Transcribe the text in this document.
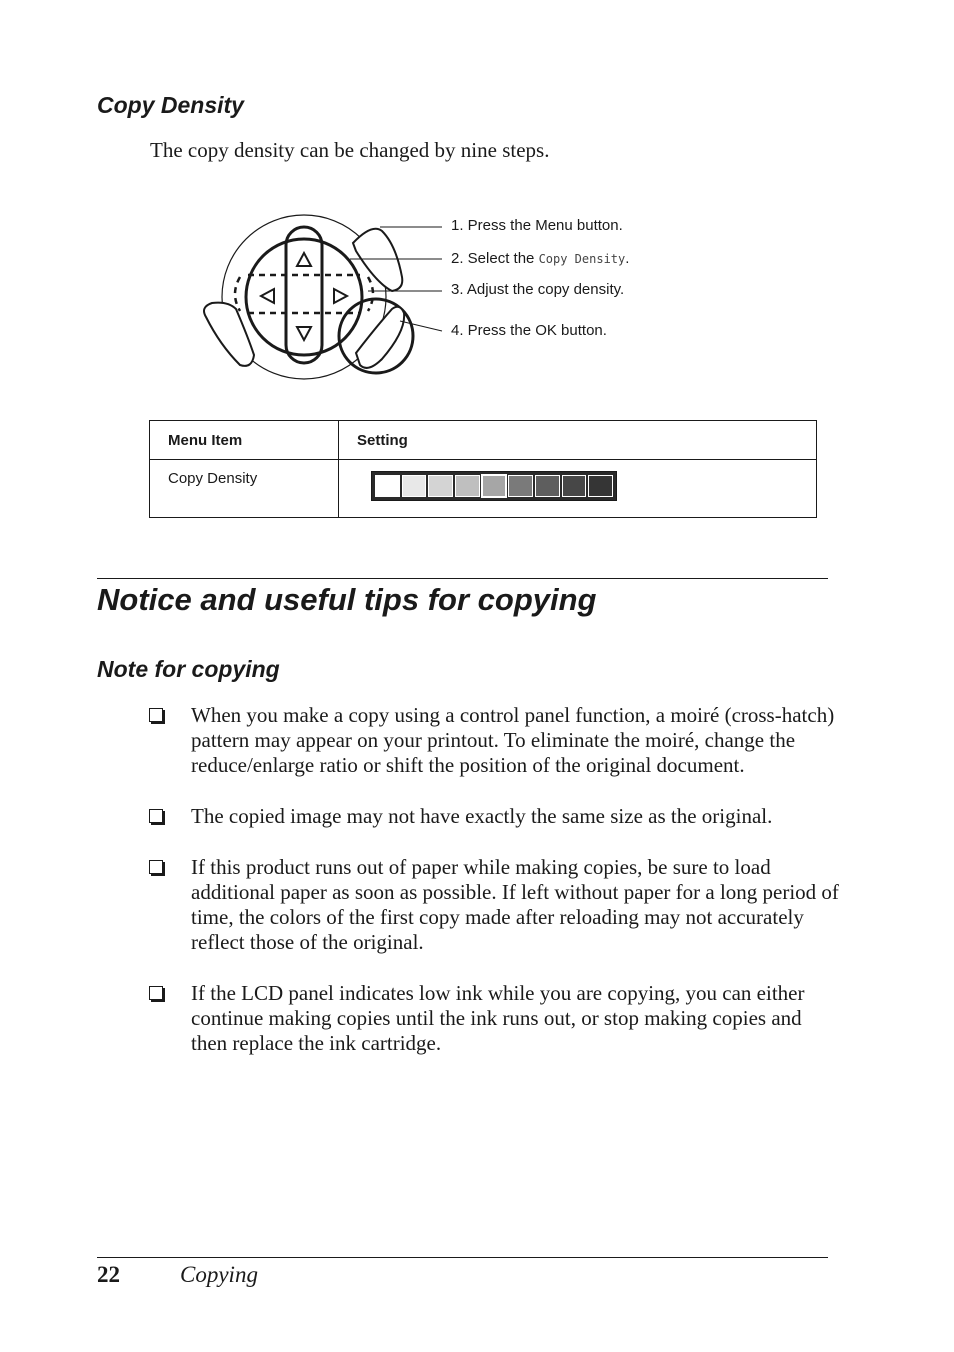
Copy Density
The copy density can be changed by nine steps.
1. Press the Menu button.
2. Select the Copy Density.
3. Adjust the copy density.
4. Press the OK button.
Menu Item	Setting
Copy Density	
Notice and useful tips for copying
Note for copying
When you make a copy using a control panel function, a moiré (cross-hatch) pattern may appear on your printout. To eliminate the moiré, change the reduce/enlarge ratio or shift the position of the original document.
The copied image may not have exactly the same size as the original.
If this product runs out of paper while making copies, be sure to load additional paper as soon as possible. If left without paper for a long period of time, the colors of the first copy made after reloading may not accurately reflect those of the original.
If the LCD panel indicates low ink while you are copying, you can either continue making copies until the ink runs out, or stop making copies and then replace the ink cartridge.
22	Copying
